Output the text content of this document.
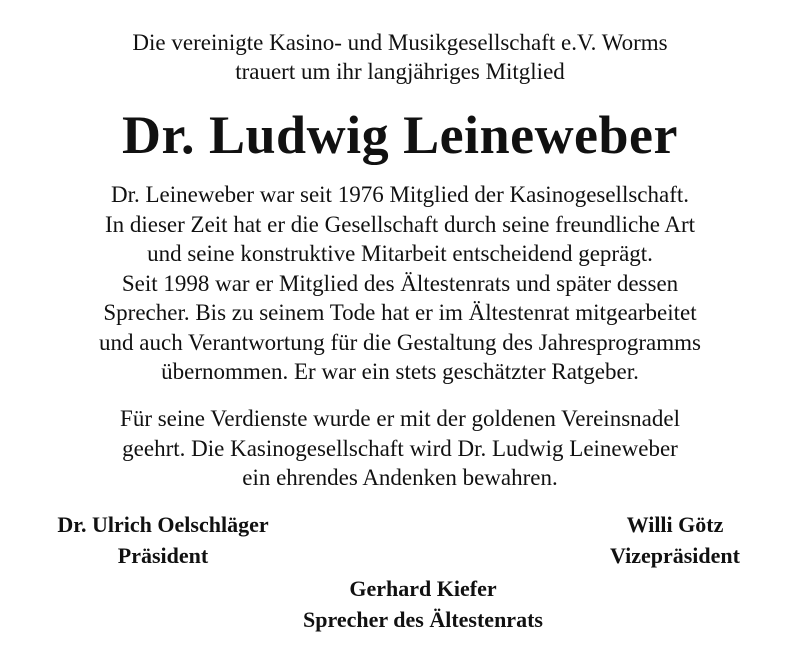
Die vereinigte Kasino- und Musikgesellschaft e.V. Worms
trauert um ihr langjähriges Mitglied
Dr. Ludwig Leineweber
Dr. Leineweber war seit 1976 Mitglied der Kasinogesellschaft.
In dieser Zeit hat er die Gesellschaft durch seine freundliche Art
und seine konstruktive Mitarbeit entscheidend geprägt.
Seit 1998 war er Mitglied des Ältestenrats und später dessen
Sprecher. Bis zu seinem Tode hat er im Ältestenrat mitgearbeitet
und auch Verantwortung für die Gestaltung des Jahresprogramms
übernommen. Er war ein stets geschätzter Ratgeber.
Für seine Verdienste wurde er mit der goldenen Vereinsnadel
geehrt. Die Kasinogesellschaft wird Dr. Ludwig Leineweber
ein ehrendes Andenken bewahren.
Dr. Ulrich Oelschläger
Präsident
Willi Götz
Vizepräsident
Gerhard Kiefer
Sprecher des Ältestenrats
